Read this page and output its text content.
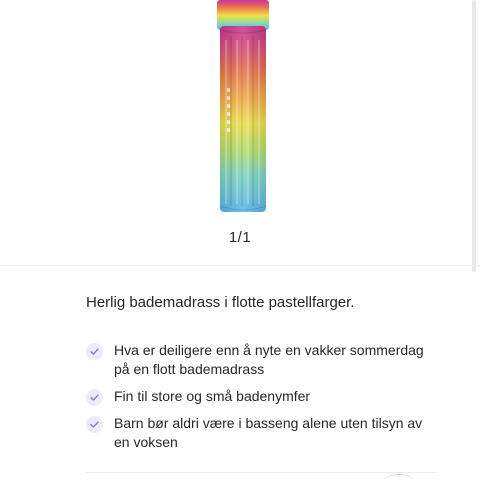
1/1
Herlig bademadrass i flotte pastellfarger.
Hva er deiligere enn å nyte en vakker sommerdag på en flott bademadrass
Fin til store og små badenymfer
Barn bør aldri være i basseng alene uten tilsyn av en voksen
